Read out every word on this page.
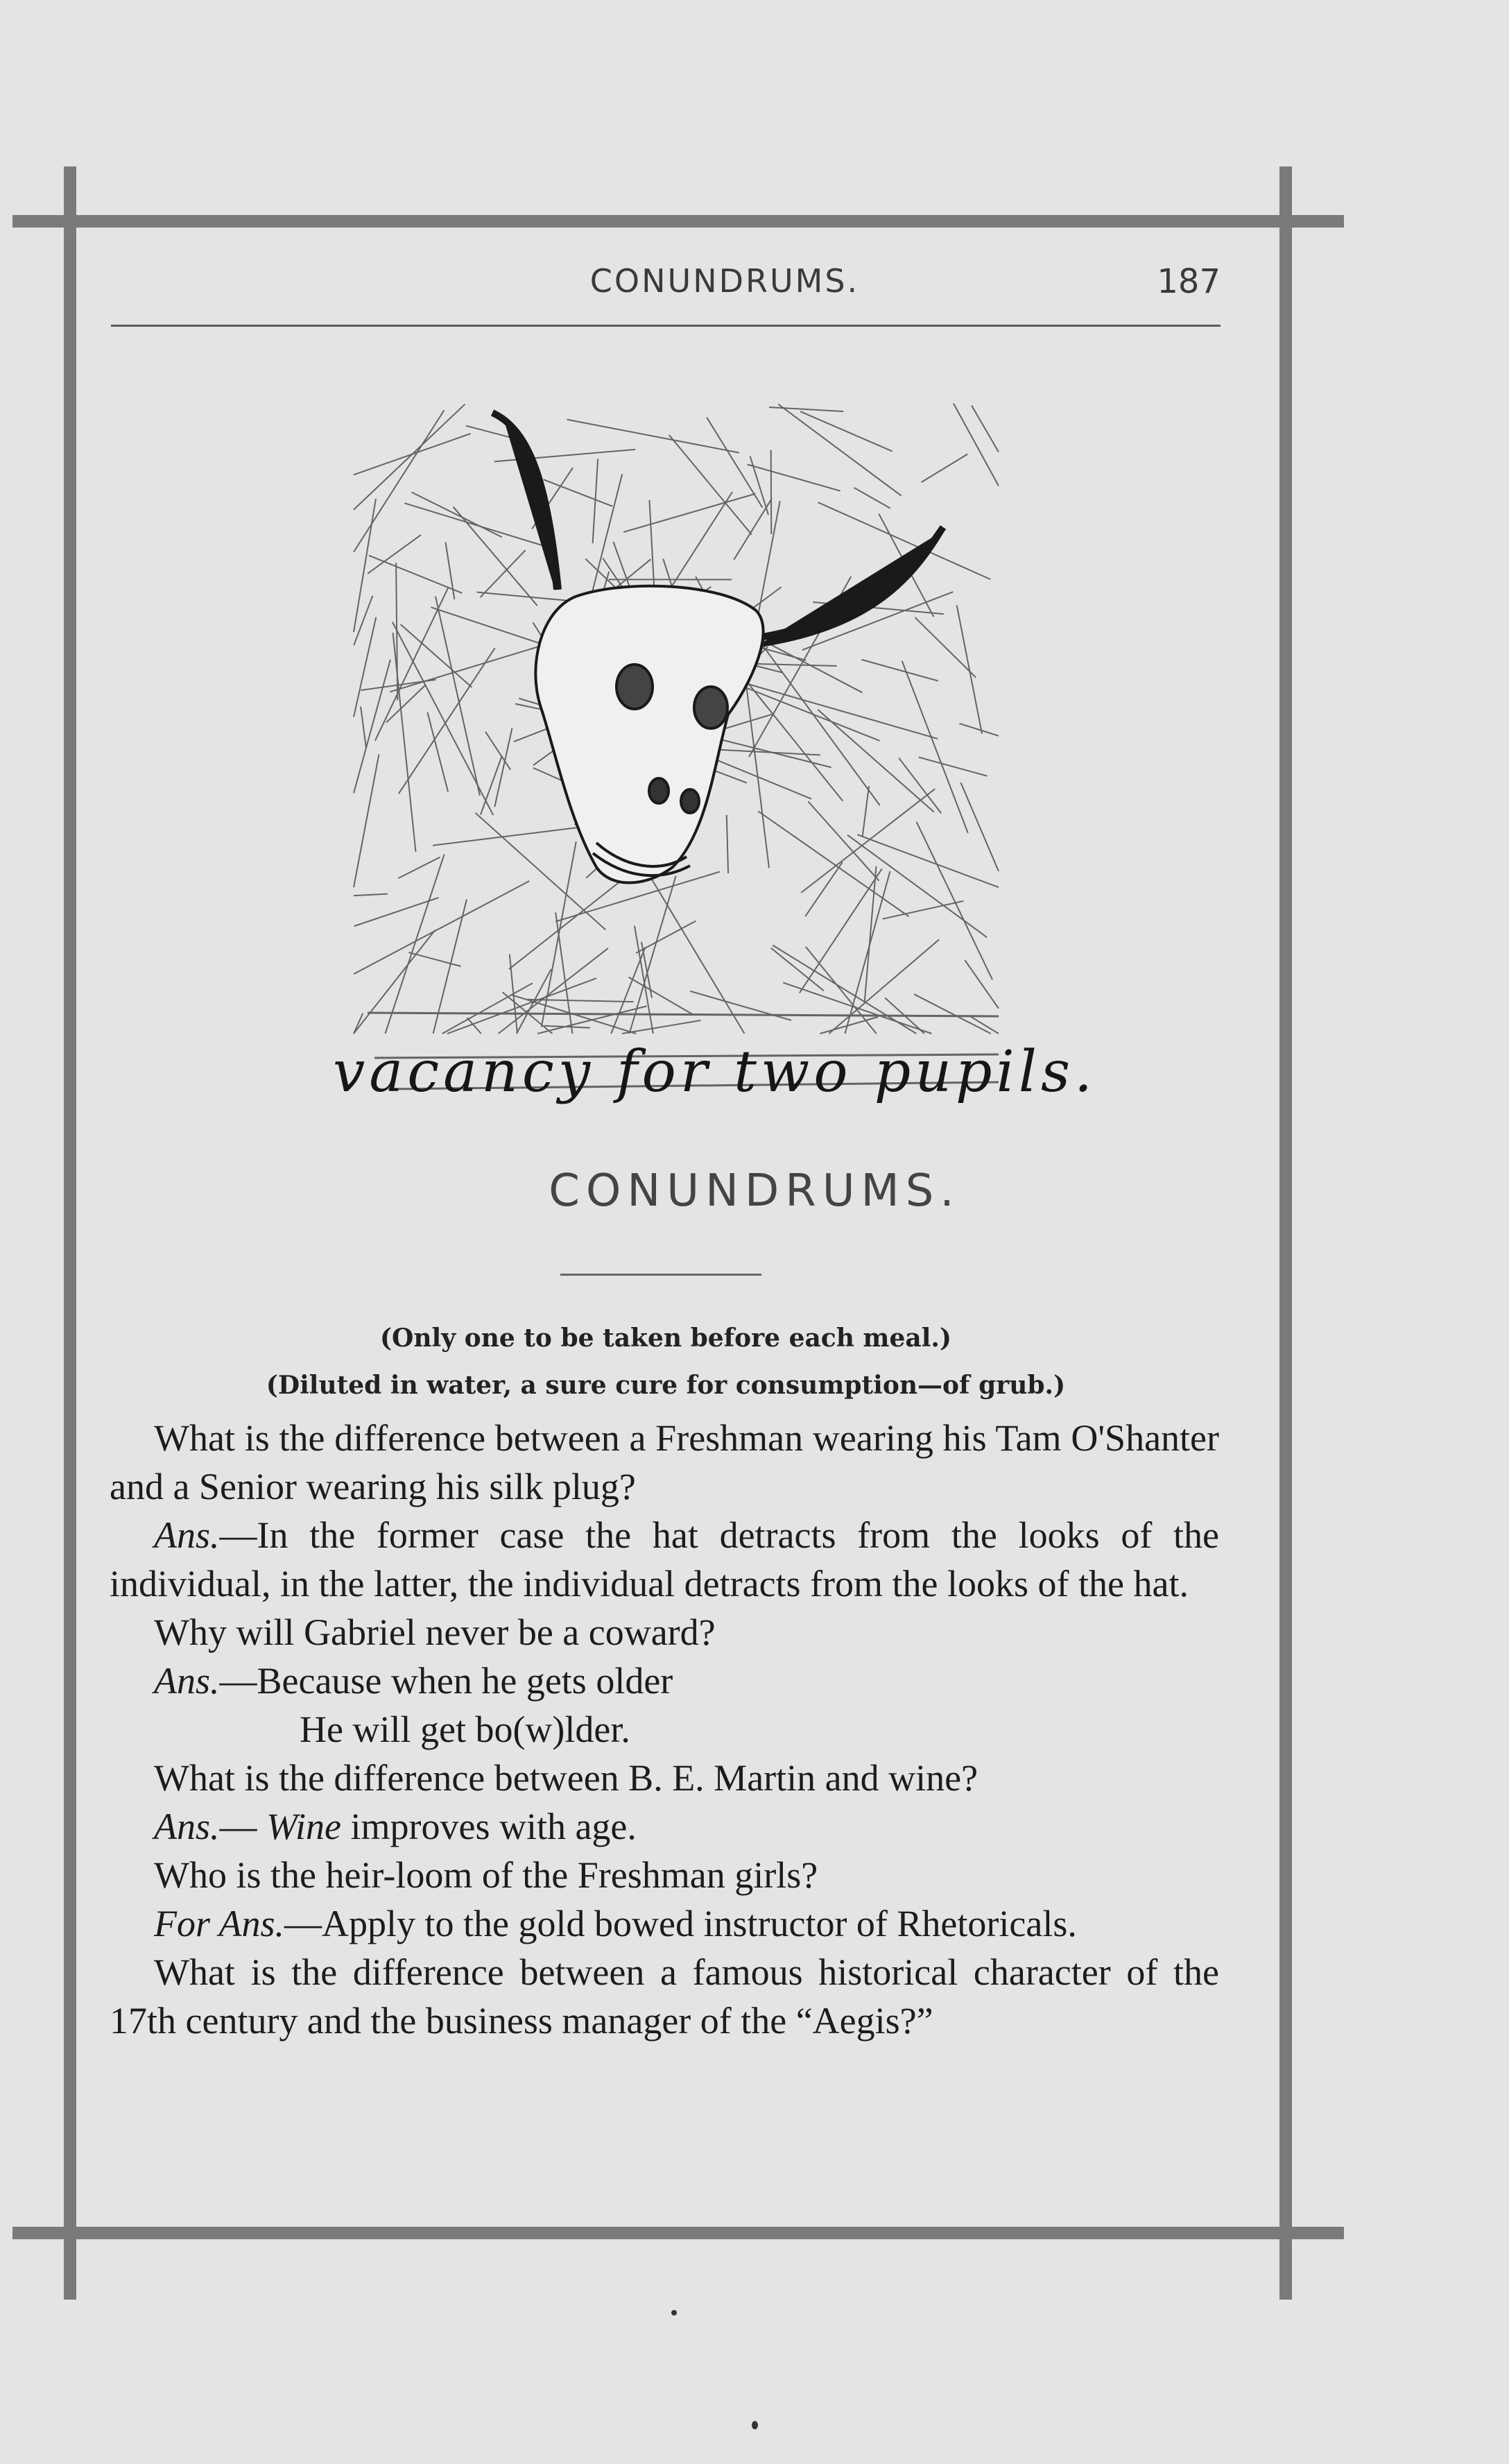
CONUNDRUMS.	187
vacancy for two pupils.
CONUNDRUMS.
(Only one to be taken before each meal.)
(Diluted in water, a sure cure for consumption—of grub.)

What is the difference between a Freshman wearing his Tam O'Shanter and a Senior wearing his silk plug?

Ans.—In the former case the hat detracts from the looks of the individual, in the latter, the individual detracts from the looks of the hat.

Why will Gabriel never be a coward?

Ans.—Because when he gets older

He will get bo(w)lder.

What is the difference between B. E. Martin and wine?

Ans.— Wine improves with age.

Who is the heir-loom of the Freshman girls?

For Ans.—Apply to the gold bowed instructor of Rhetoricals.

What is the difference between a famous historical character of the 17th century and the business manager of the “Aegis?”
